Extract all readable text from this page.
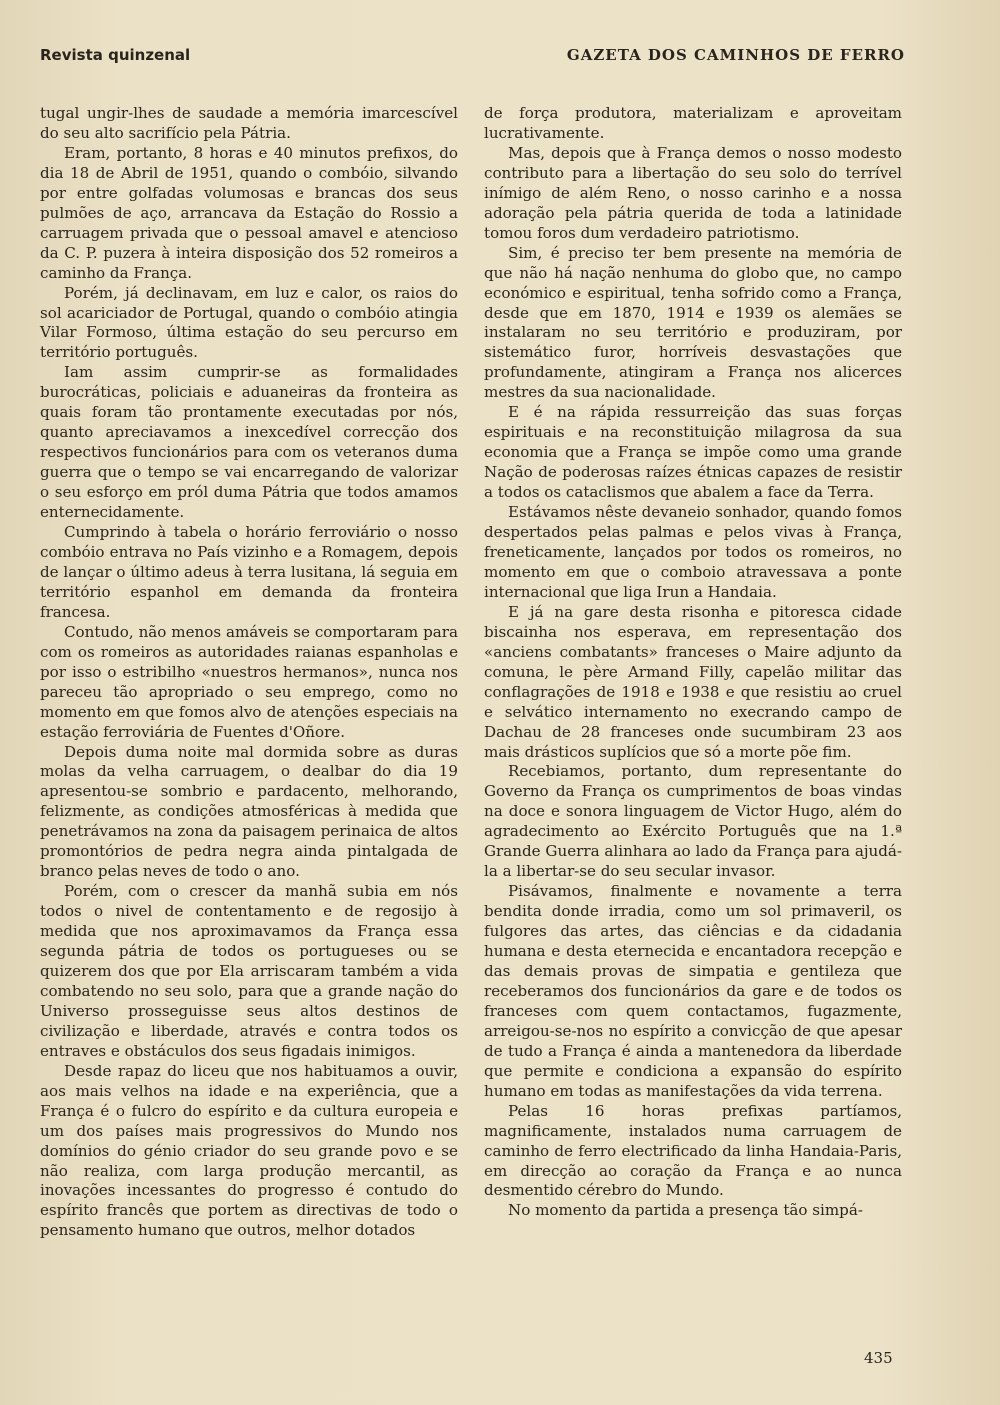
Revista quinzenal	GAZETA DOS CAMINHOS DE FERRO

tugal ungir-lhes de saudade a memória imarcescível do seu alto sacrifício pela Pátria.

Eram, portanto, 8 horas e 40 minutos prefixos, do dia 18 de Abril de 1951, quando o combóio, silvando por entre golfadas volumosas e brancas dos seus pulmões de aço, arrancava da Estação do Rossio a carruagem privada que o pessoal amavel e atencioso da C. P. puzera à inteira disposição dos 52 romeiros a caminho da França.

Porém, já declinavam, em luz e calor, os raios do sol acariciador de Portugal, quando o combóio atingia Vilar Formoso, última estação do seu percurso em território português.

Iam assim cumprir-se as formalidades burocráticas, policiais e aduaneiras da fronteira as quais foram tão prontamente executadas por nós, quanto apreciavamos a inexcedível correcção dos respectivos funcionários para com os veteranos duma guerra que o tempo se vai encarregando de valorizar o seu esforço em pról duma Pátria que todos amamos enternecidamente.

Cumprindo à tabela o horário ferroviário o nosso combóio entrava no País vizinho e a Romagem, depois de lançar o último adeus à terra lusitana, lá seguia em território espanhol em demanda da fronteira francesa.

Contudo, não menos amáveis se comportaram para com os romeiros as autoridades raianas espanholas e por isso o estribilho «nuestros hermanos», nunca nos pareceu tão apropriado o seu emprego, como no momento em que fomos alvo de atenções especiais na estação ferroviária de Fuentes d'Oñore.

Depois duma noite mal dormida sobre as duras molas da velha carruagem, o dealbar do dia 19 apresentou-se sombrio e pardacento, melhorando, felizmente, as condições atmosféricas à medida que penetrávamos na zona da paisagem perinaica de altos promontórios de pedra negra ainda pintalgada de branco pelas neves de todo o ano.

Porém, com o crescer da manhã subia em nós todos o nivel de contentamento e de regosijo à medida que nos aproximavamos da França essa segunda pátria de todos os portugueses ou se quizerem dos que por Ela arriscaram também a vida combatendo no seu solo, para que a grande nação do Universo prosseguisse seus altos destinos de civilização e liberdade, através e contra todos os entraves e obstáculos dos seus figadais inimigos.

Desde rapaz do liceu que nos habituamos a ouvir, aos mais velhos na idade e na experiência, que a França é o fulcro do espírito e da cultura europeia e um dos países mais progressivos do Mundo nos domínios do génio criador do seu grande povo e se não realiza, com larga produção mercantil, as inovações incessantes do progresso é contudo do espírito francês que portem as directivas de todo o pensamento humano que outros, melhor dotados

de força produtora, materializam e aproveitam lucrativamente.

Mas, depois que à França demos o nosso modesto contributo para a libertação do seu solo do terrível inímigo de além Reno, o nosso carinho e a nossa adoração pela pátria querida de toda a latinidade tomou foros dum verdadeiro patriotismo.

Sim, é preciso ter bem presente na memória de que não há nação nenhuma do globo que, no campo económico e espiritual, tenha sofrido como a França, desde que em 1870, 1914 e 1939 os alemães se instalaram no seu território e produziram, por sistemático furor, horríveis desvastações que profundamente, atingiram a França nos alicerces mestres da sua nacionalidade.

E é na rápida ressurreição das suas forças espirituais e na reconstituição milagrosa da sua economia que a França se impõe como uma grande Nação de poderosas raízes étnicas capazes de resistir a todos os cataclismos que abalem a face da Terra.

Estávamos nêste devaneio sonhador, quando fomos despertados pelas palmas e pelos vivas à França, freneticamente, lançados por todos os romeiros, no momento em que o comboio atravessava a ponte internacional que liga Irun a Handaia.

E já na gare desta risonha e pitoresca cidade biscainha nos esperava, em representação dos «anciens combatants» franceses o Maire adjunto da comuna, le père Armand Filly, capelão militar das conflagrações de 1918 e 1938 e que resistiu ao cruel e selvático internamento no execrando campo de Dachau de 28 franceses onde sucumbiram 23 aos mais drásticos suplícios que só a morte põe fim.

Recebiamos, portanto, dum representante do Governo da França os cumprimentos de boas vindas na doce e sonora linguagem de Victor Hugo, além do agradecimento ao Exército Português que na 1.ª Grande Guerra alinhara ao lado da França para ajudá-la a libertar-se do seu secular invasor.

Pisávamos, finalmente e novamente a terra bendita donde irradia, como um sol primaveril, os fulgores das artes, das ciências e da cidadania humana e desta eternecida e encantadora recepção e das demais provas de simpatia e gentileza que receberamos dos funcionários da gare e de todos os franceses com quem contactamos, fugazmente, arreigou-se-nos no espírito a convicção de que apesar de tudo a França é ainda a mantenedora da liberdade que permite e condiciona a expansão do espírito humano em todas as manifestações da vida terrena.

Pelas 16 horas prefixas partíamos, magnificamente, instalados numa carruagem de caminho de ferro electrificado da linha Handaia-Paris, em direcção ao coração da França e ao nunca desmentido cérebro do Mundo.

No momento da partida a presença tão simpá-

435
